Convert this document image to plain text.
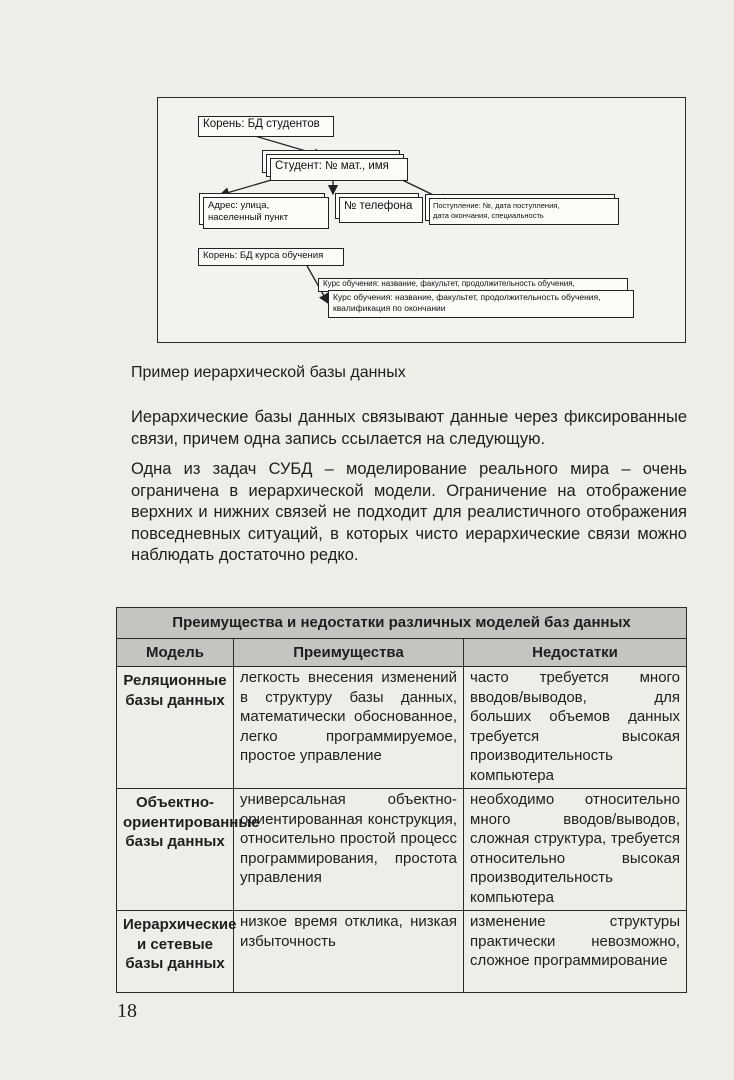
Корень: БД студентов
Студент: № мат., имя
Адрес: улица,
населенный пункт
№ телефона	Поступление: №, дата поступления,
дата окончания, специальность
Корень: БД курса обучения
Курс обучения: название, факультет, продолжительность обучения,
Курс обучения: название, факультет, продолжительность обучения,
квалификация по окончании
Пример иерархической базы данных

Иерархические базы данных связывают данные через фиксированные связи, причем одна запись ссылается на следующую.

Одна из задач СУБД – моделирование реального мира – очень ограничена в иерархической модели. Ограничение на отображение верхних и нижних связей не подходит для реалистичного отображения повседневных ситуаций, в которых чисто иерархические связи можно наблюдать достаточно редко.

Преимущества и недостатки различных моделей баз данных		
Модель	Преимущества	Недостатки
Реляционные базы данных	легкость внесения изменений в структуру базы данных, математически обоснованное, легко программируемое, простое управление	часто требуется много вводов/выводов, для больших объемов данных требуется высокая производительность компьютера
Объектно-ориентированные базы данных	универсальная объектно-ориентированная конструкция, относительно простой процесс программирования, простота управления	необходимо относительно много вводов/выводов, сложная структура, требуется относительно высокая производительность компьютера
Иерархические и сетевые базы данных	низкое время отклика, низкая избыточность	изменение структуры практически невозможно, сложное программирование
18
